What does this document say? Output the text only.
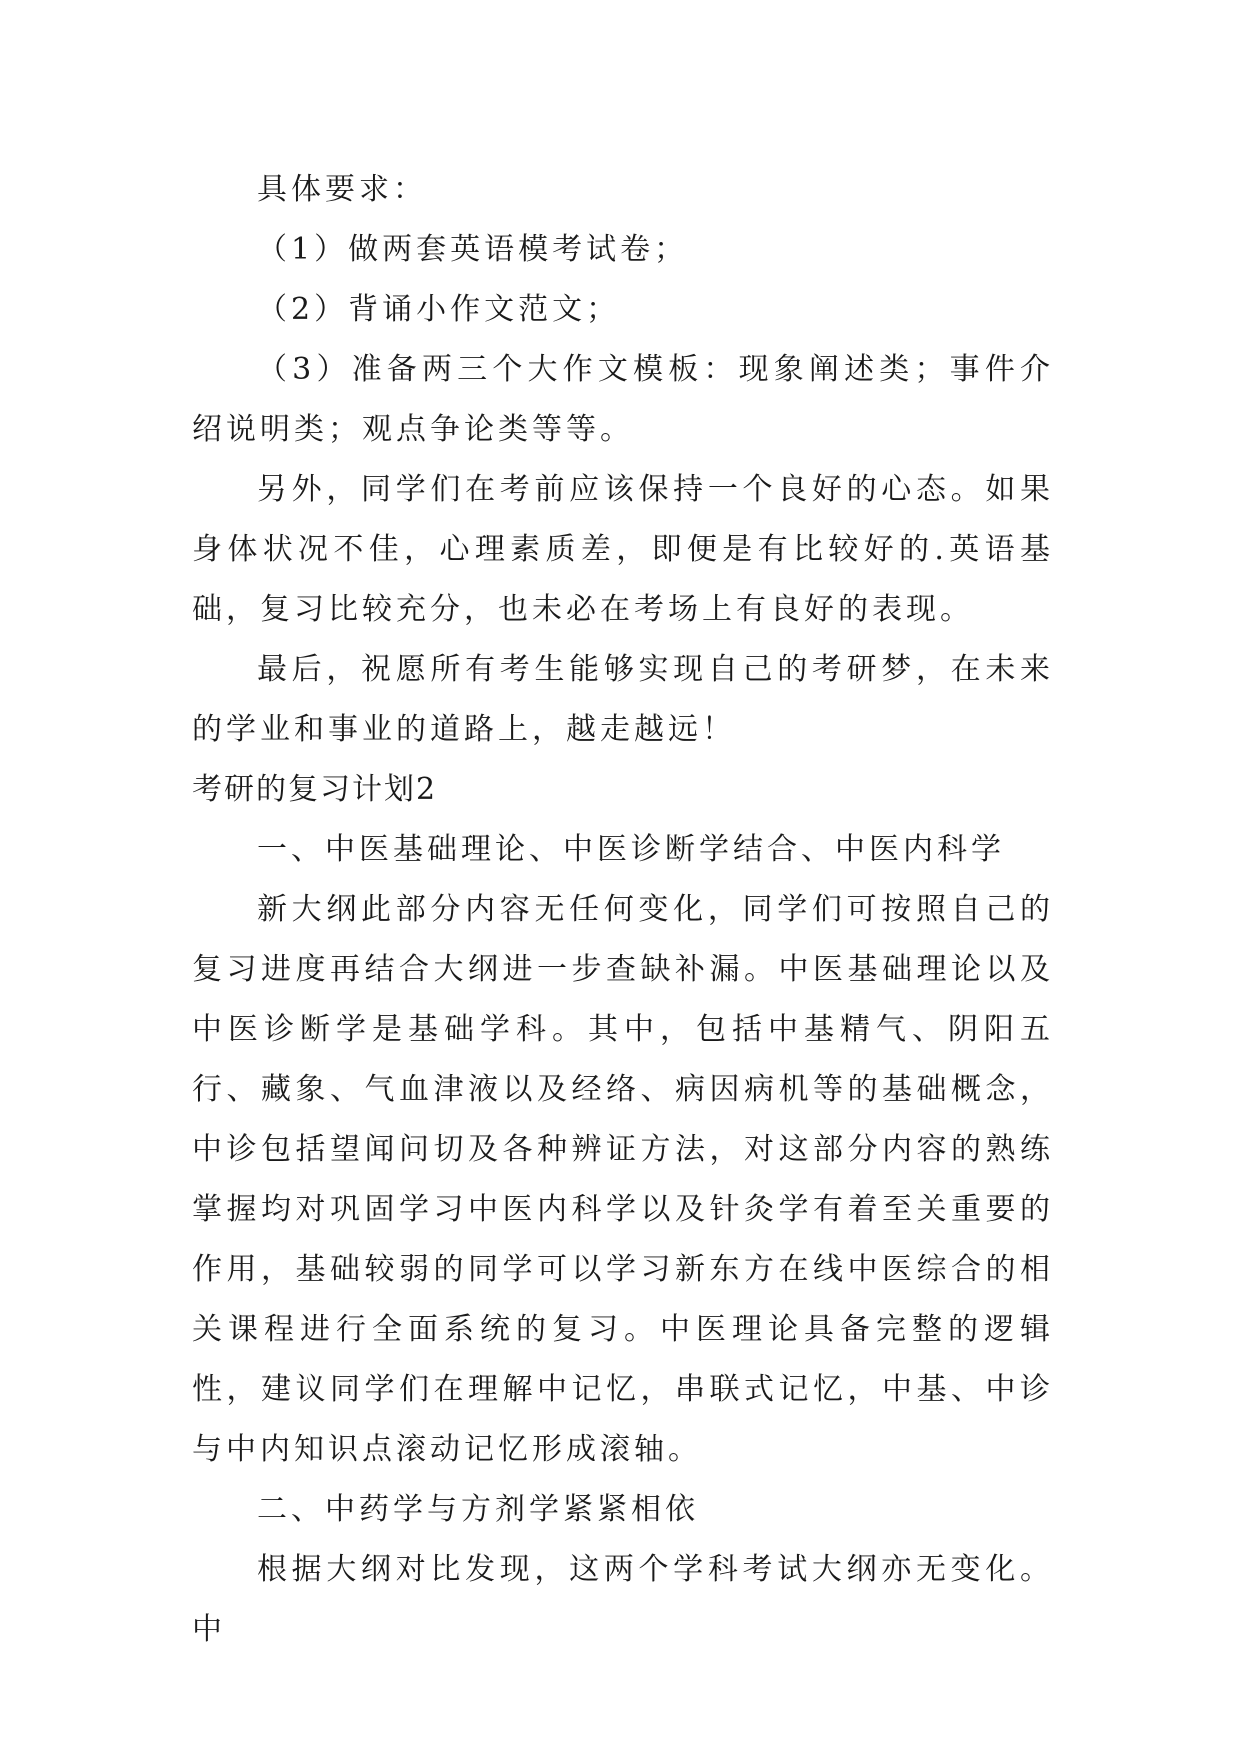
具体要求：

（1）做两套英语模考试卷；

（2）背诵小作文范文；

（3）准备两三个大作文模板：现象阐述类；事件介绍说明类；观点争论类等等。

另外，同学们在考前应该保持一个良好的心态。如果身体状况不佳，心理素质差，即便是有比较好的.英语基础，复习比较充分，也未必在考场上有良好的表现。

最后，祝愿所有考生能够实现自己的考研梦，在未来的学业和事业的道路上，越走越远！

考研的复习计划2

一、中医基础理论、中医诊断学结合、中医内科学

新大纲此部分内容无任何变化，同学们可按照自己的复习进度再结合大纲进一步查缺补漏。中医基础理论以及中医诊断学是基础学科。其中，包括中基精气、阴阳五行、藏象、气血津液以及经络、病因病机等的基础概念，中诊包括望闻问切及各种辨证方法，对这部分内容的熟练掌握均对巩固学习中医内科学以及针灸学有着至关重要的作用，基础较弱的同学可以学习新东方在线中医综合的相关课程进行全面系统的复习。中医理论具备完整的逻辑性，建议同学们在理解中记忆，串联式记忆，中基、中诊与中内知识点滚动记忆形成滚轴。

二、中药学与方剂学紧紧相依

根据大纲对比发现，这两个学科考试大纲亦无变化。中
